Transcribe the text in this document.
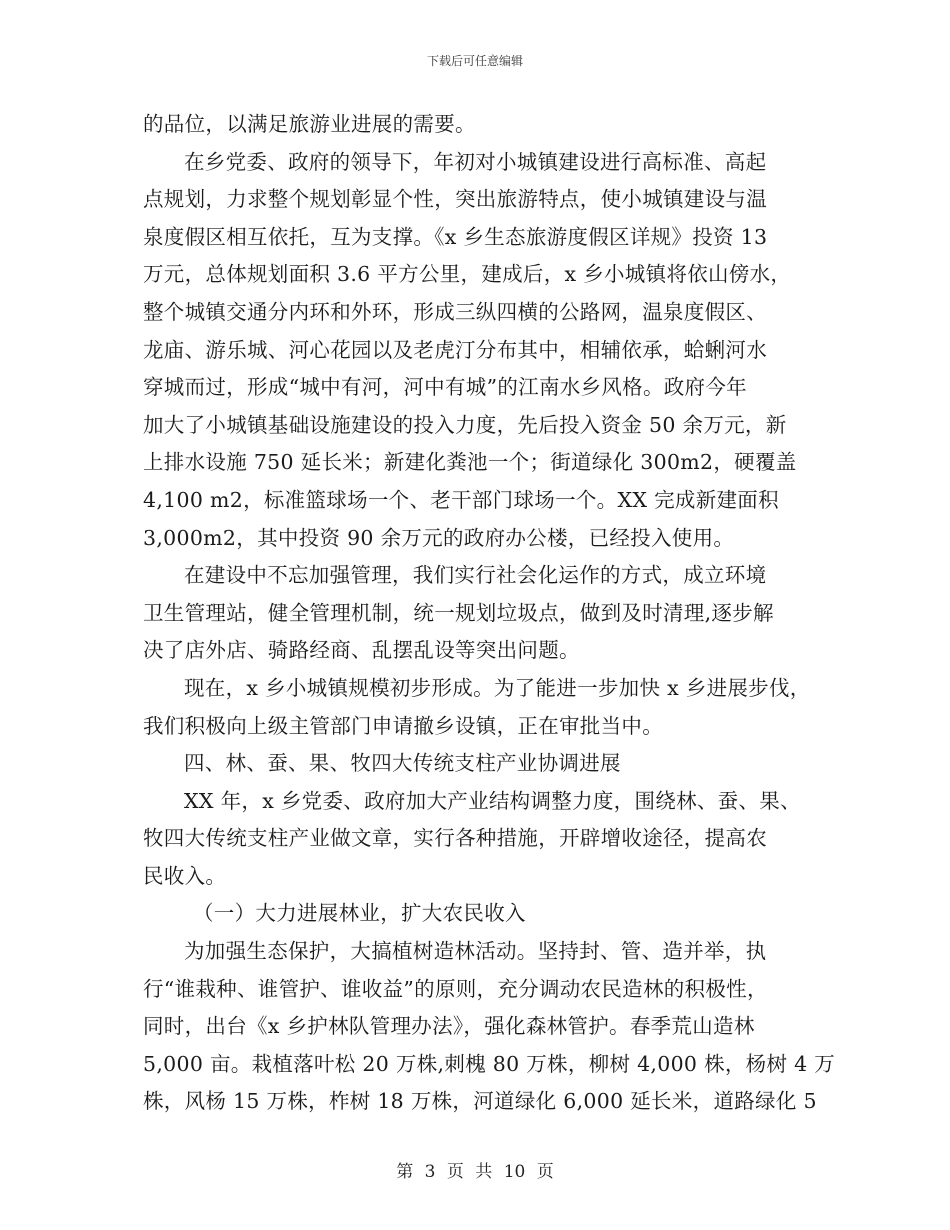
下载后可任意编辑
的品位，以满足旅游业进展的需要。
在乡党委、政府的领导下，年初对小城镇建设进行高标准、高起
点规划，力求整个规划彰显个性，突出旅游特点，使小城镇建设与温
泉度假区相互依托，互为支撑。《x 乡生态旅游度假区详规》投资 13
万元，总体规划面积 3.6 平方公里，建成后，x 乡小城镇将依山傍水，
整个城镇交通分内环和外环，形成三纵四横的公路网，温泉度假区、
龙庙、游乐城、河心花园以及老虎汀分布其中，相辅依承，蛤蜊河水
穿城而过，形成“城中有河，河中有城”的江南水乡风格。政府今年
加大了小城镇基础设施建设的投入力度，先后投入资金 50 余万元，新
上排水设施 750 延长米；新建化粪池一个；街道绿化 300m2，硬覆盖
4,100 m2，标准篮球场一个、老干部门球场一个。XX 完成新建面积
3,000m2，其中投资 90 余万元的政府办公楼，已经投入使用。
在建设中不忘加强管理，我们实行社会化运作的方式，成立环境
卫生管理站，健全管理机制，统一规划垃圾点，做到及时清理,逐步解
决了店外店、骑路经商、乱摆乱设等突出问题。
现在，x 乡小城镇规模初步形成。为了能进一步加快 x 乡进展步伐，
我们积极向上级主管部门申请撤乡设镇，正在审批当中。
四、林、蚕、果、牧四大传统支柱产业协调进展
XX 年，x 乡党委、政府加大产业结构调整力度，围绕林、蚕、果、
牧四大传统支柱产业做文章，实行各种措施，开辟增收途径，提高农
民收入。
（一）大力进展林业，扩大农民收入
为加强生态保护，大搞植树造林活动。坚持封、管、造并举，执
行“谁栽种、谁管护、谁收益”的原则，充分调动农民造林的积极性，
同时，出台《x 乡护林队管理办法》，强化森林管护。春季荒山造林
5,000 亩。栽植落叶松 20 万株,刺槐 80 万株，柳树 4,000 株，杨树 4 万
株，风杨 15 万株，柞树 18 万株，河道绿化 6,000 延长米，道路绿化 5
第 3 页 共 10 页
